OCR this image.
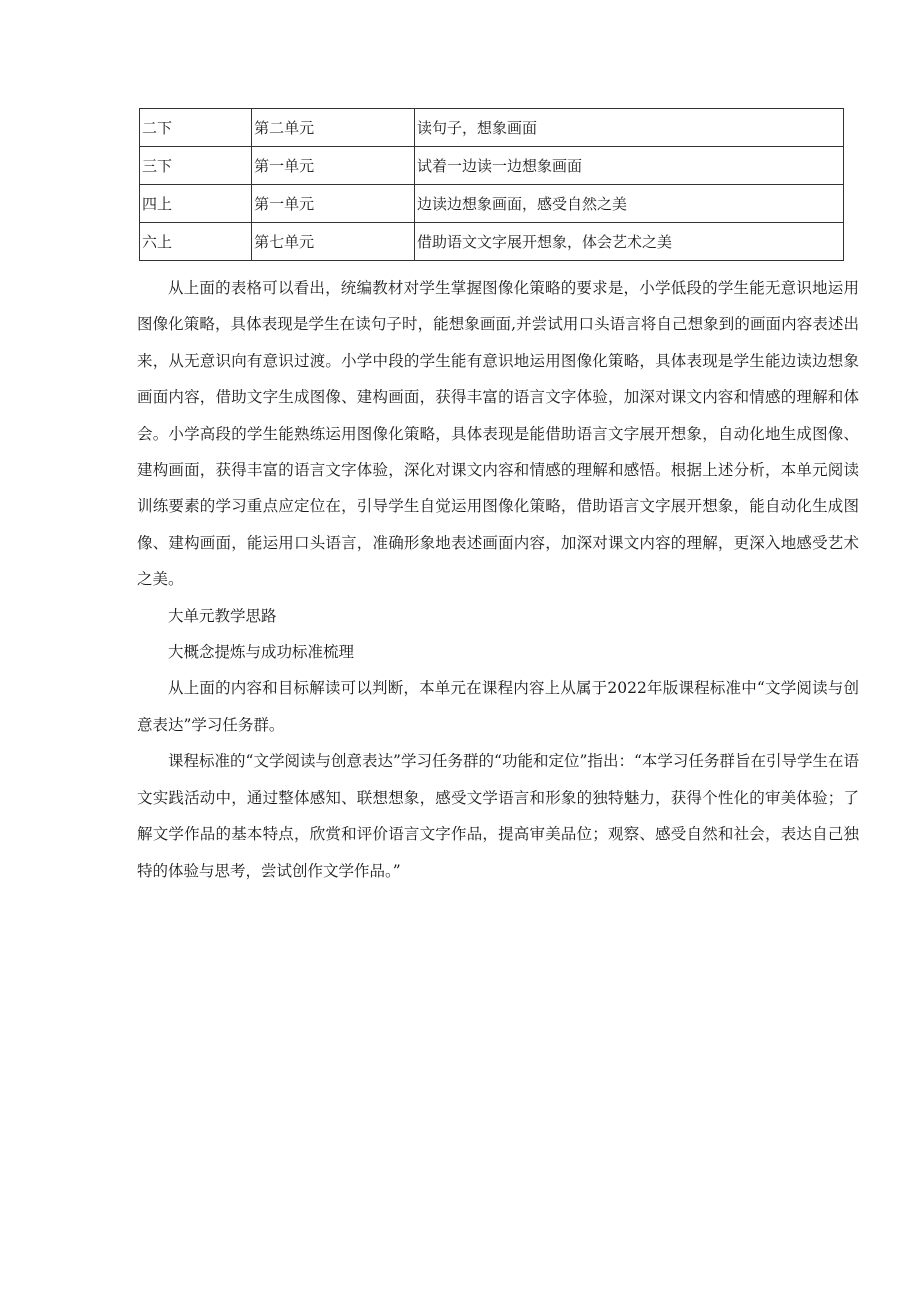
二下	第二单元	读句子，想象画面
三下	第一单元	试着一边读一边想象画面
四上	第一单元	边读边想象画面，感受自然之美
六上	第七单元	借助语文文字展开想象，体会艺术之美

从上面的表格可以看出，统编教材对学生掌握图像化策略的要求是，小学低段的学生能无意识地运用图像化策略，具体表现是学生在读句子时，能想象画面,并尝试用口头语言将自己想象到的画面内容表述出来，从无意识向有意识过渡。小学中段的学生能有意识地运用图像化策略，具体表现是学生能边读边想象画面内容，借助文字生成图像、建构画面，获得丰富的语言文字体验，加深对课文内容和情感的理解和体会。小学高段的学生能熟练运用图像化策略，具体表现是能借助语言文字展开想象，自动化地生成图像、建构画面，获得丰富的语言文字体验，深化对课文内容和情感的理解和感悟。根据上述分析，本单元阅读训练要素的学习重点应定位在，引导学生自觉运用图像化策略，借助语言文字展开想象，能自动化生成图像、建构画面，能运用口头语言，准确形象地表述画面内容，加深对课文内容的理解，更深入地感受艺术之美。

大单元教学思路

大概念提炼与成功标准梳理

从上面的内容和目标解读可以判断，本单元在课程内容上从属于2022年版课程标准中“文学阅读与创意表达”学习任务群。

课程标准的“文学阅读与创意表达”学习任务群的“功能和定位”指出：“本学习任务群旨在引导学生在语文实践活动中，通过整体感知、联想想象，感受文学语言和形象的独特魅力，获得个性化的审美体验；了解文学作品的基本特点，欣赏和评价语言文字作品，提高审美品位；观察、感受自然和社会，表达自己独特的体验与思考，尝试创作文学作品。”
